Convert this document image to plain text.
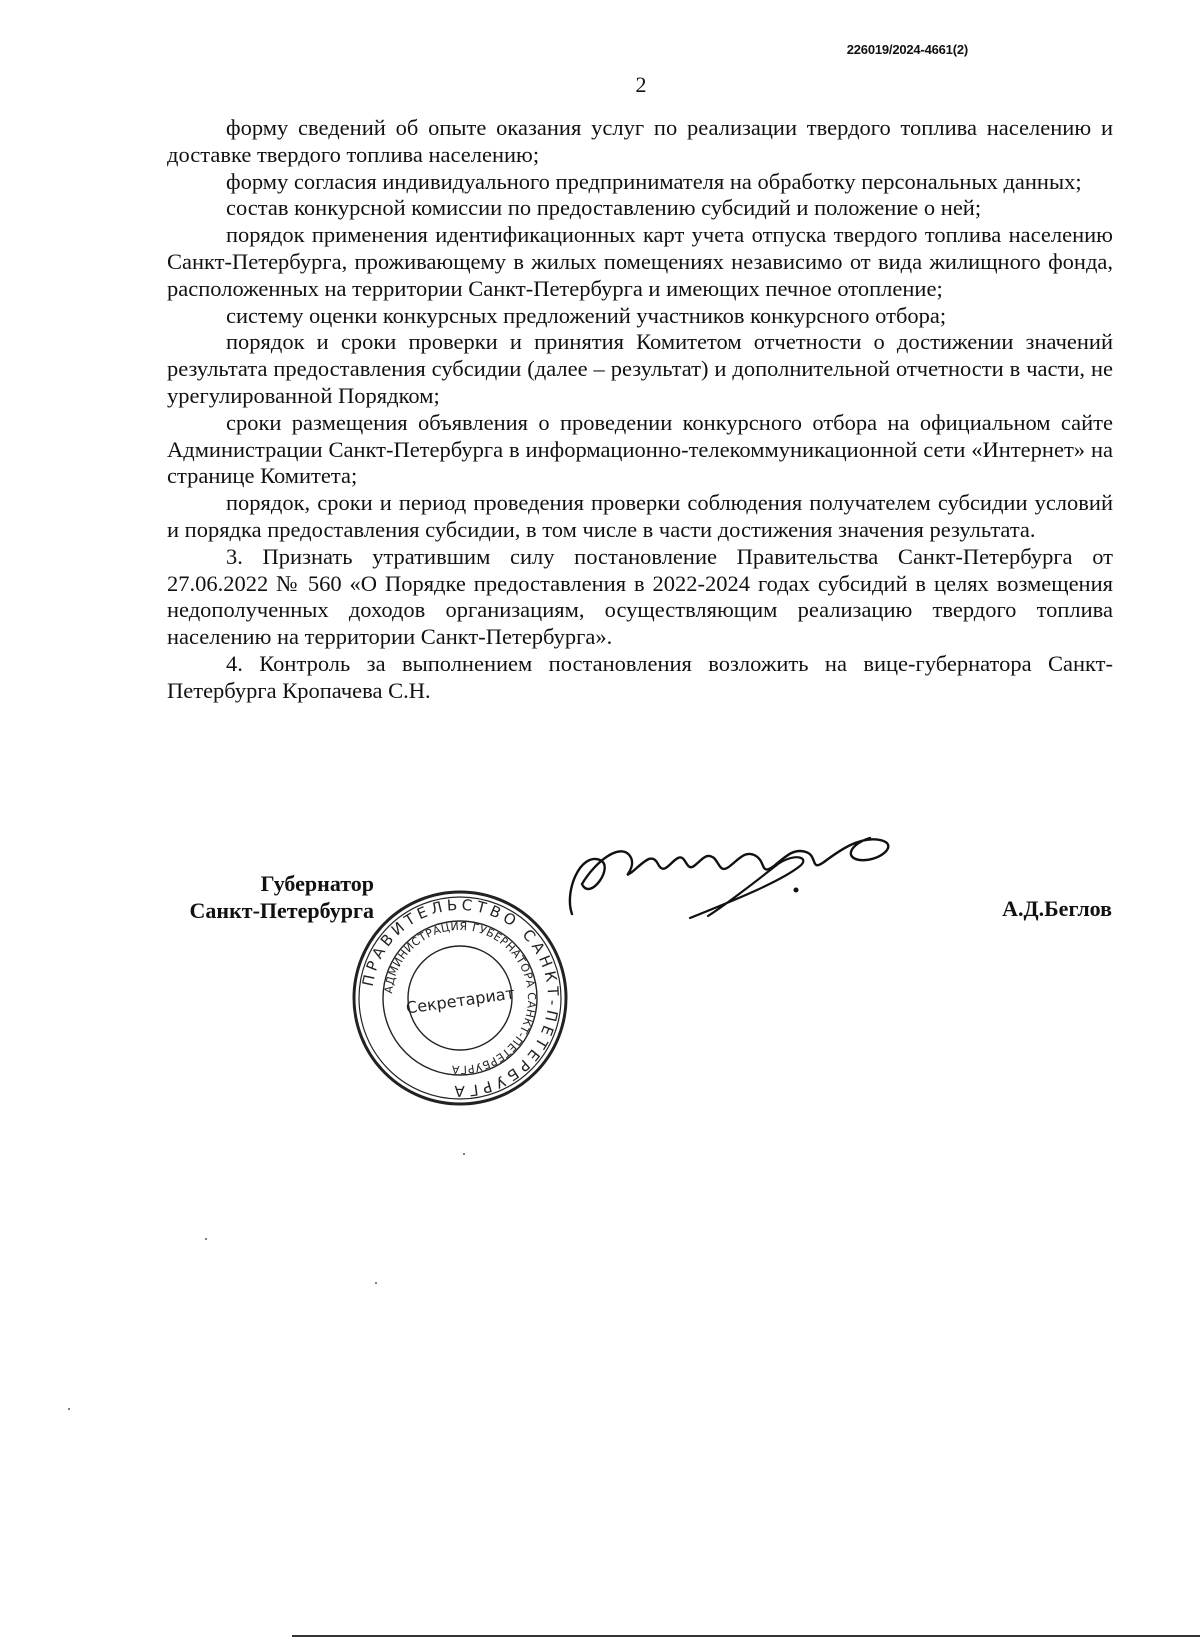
226019/2024-4661(2)
2

форму сведений об опыте оказания услуг по реализации твердого топлива населению и доставке твердого топлива населению;

форму согласия индивидуального предпринимателя на обработку персональных данных;

состав конкурсной комиссии по предоставлению субсидий и положение о ней;

порядок применения идентификационных карт учета отпуска твердого топлива населению Санкт-Петербурга, проживающему в жилых помещениях независимо от вида жилищного фонда, расположенных на территории Санкт-Петербурга и имеющих печное отопление;

систему оценки конкурсных предложений участников конкурсного отбора;

порядок и сроки проверки и принятия Комитетом отчетности о достижении значений результата предоставления субсидии (далее – результат) и дополнительной отчетности в части, не урегулированной Порядком;

сроки размещения объявления о проведении конкурсного отбора на официальном сайте Администрации Санкт-Петербурга в информационно-телекоммуникационной сети «Интернет» на странице Комитета;

порядок, сроки и период проведения проверки соблюдения получателем субсидии условий и порядка предоставления субсидии, в том числе в части достижения значения результата.

3. Признать утратившим силу постановление Правительства Санкт-Петербурга от 27.06.2022 № 560 «О Порядке предоставления в 2022-2024 годах субсидий в целях возмещения недополученных доходов организациям, осуществляющим реализацию твердого топлива населению на территории Санкт-Петербурга».

4. Контроль за выполнением постановления возложить на вице-губернатора Санкт-Петербурга Кропачева С.Н.

Губернатор
Санкт-Петербурга
ПРАВИТЕЛЬСТВО САНКТ-ПЕТЕРБУРГА
АДМИНИСТРАЦИЯ ГУБЕРНАТОРА САНКТ-ПЕТЕРБУРГА
Секретариат
А.Д.Беглов
